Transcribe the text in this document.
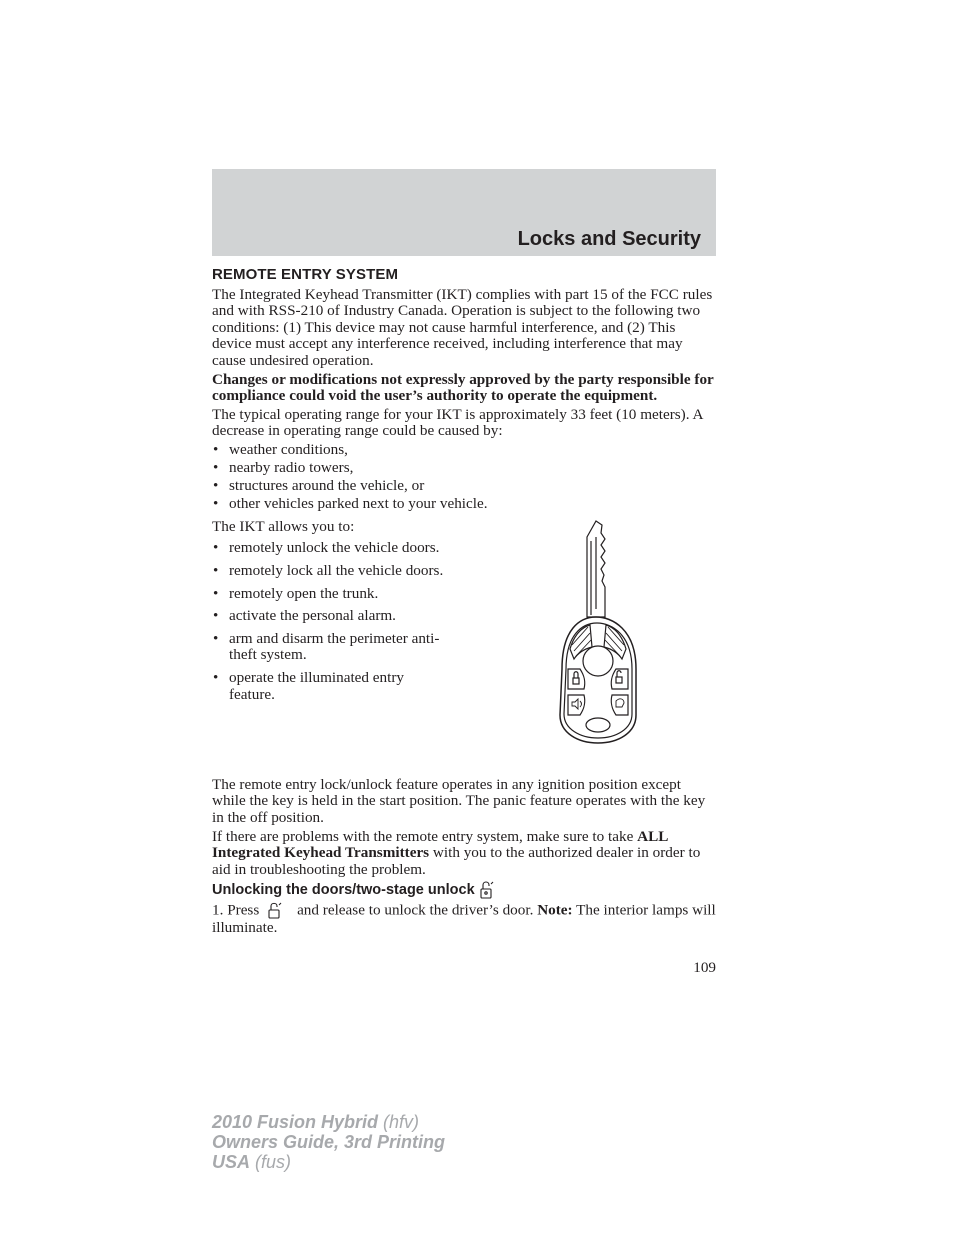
Locks and Security
REMOTE ENTRY SYSTEM

The Integrated Keyhead Transmitter (IKT) complies with part 15 of the FCC rules and with RSS-210 of Industry Canada. Operation is subject to the following two conditions: (1) This device may not cause harmful interference, and (2) This device must accept any interference received, including interference that may cause undesired operation.

Changes or modifications not expressly approved by the party responsible for compliance could void the user’s authority to operate the equipment.

The typical operating range for your IKT is approximately 33 feet (10 meters). A decrease in operating range could be caused by:

• weather conditions,
• nearby radio towers,
• structures around the vehicle, or
• other vehicles parked next to your vehicle.

The IKT allows you to:

• remotely unlock the vehicle doors.
• remotely lock all the vehicle doors.
• remotely open the trunk.
• activate the personal alarm.
• arm and disarm the perimeter anti-theft system.
• operate the illuminated entry feature.

The remote entry lock/unlock feature operates in any ignition position except while the key is held in the start position. The panic feature operates with the key in the off position.

If there are problems with the remote entry system, make sure to take ALL Integrated Keyhead Transmitters with you to the authorized dealer in order to aid in troubleshooting the problem.

Unlocking the doors/two-stage unlock

1. Press and release to unlock the driver’s door. Note: The interior lamps will illuminate.

109
2010 Fusion Hybrid (hfv)
Owners Guide, 3rd Printing
USA (fus)
